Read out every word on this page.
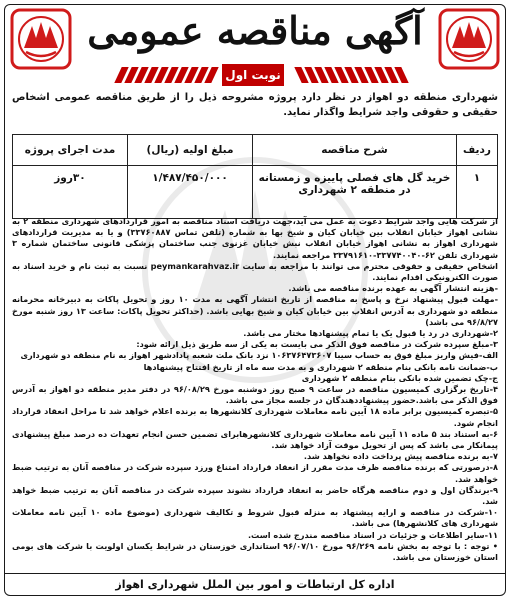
آگهی مناقصه عمومی
نوبت اول
شهرداری منطقه دو اهواز در نظر دارد پروژه مشروحه ذیل را از طریق مناقصه عمومی اشخاص حقیقی و حقوقی واجد شرایط واگذار نماید.
ردیف	شرح مناقصه	مبلغ اولیه (ریال)	مدت اجرای پروژه
۱	خرید گل های فصلی پاییزه و زمستانه در منطقه ۲ شهرداری	۱/۴۸۷/۴۵۰/۰۰۰	۳۰روز

از شرکت هایی واجد شرایط دعوت به عمل می آید،جهت دریافت اسناد مناقصه به امور قراردادهای شهرداری منطقه ۲ به نشانی اهواز خیابان انقلاب بین خیابان کیان و شیخ بها به شماره (تلفن تماس ۳۳۷۶۰۸۸۷) و یا به مدیریت قراردادهای شهرداری اهواز به نشانی اهواز خیابان انقلاب نبش خیابان غزنوی جنب ساختمان پزشکی قانونی ساختمان شماره ۳ شهرداری تلفن ۶۲-۳۳۷۷۴۰۰۴۰-۳۳۷۹۱۶۱۰ مراجعه نمایند.

اشخاص حقیقی و حقوقی محترم می توانند با مراجعه به سایت peymankarahvaz.ir نسبت به ثبت نام و خرید اسناد به صورت الکترونیکی اقدام نمایند.

-هزینه انتشار آگهی به عهده برنده مناقصه می باشد.

-مهلت قبول پیشنهاد نرخ و پاسخ به مناقصه از تاریخ انتشار آگهی به مدت ۱۰ روز و تحویل پاکات به دبیرخانه محرمانه منطقه دو شهرداری به آدرس انقلاب بین خیابان کیان و شیخ بهایی باشد. (حداکثر تحویل پاکات: ساعت ۱۳ روز شنبه مورخ ۹۶/۸/۲۷ می باشد)

۲-شهرداری در رد یا قبول یک یا تمام پیشنهادها مختار می باشد.

۳-مبلغ سپرده شرکت در مناقصه فوق الذکر می بایست به یکی از سه طریق ذیل ارائه شود:

الف-فیش واریز مبلغ فوق به حساب سیبا ۱۰۶۳۷۶۴۷۳۶۰۷ نزد بانک ملت شعبه پادادشهر اهواز به نام منطقه دو شهرداری

ب-ضمانت نامه بانکی بنام منطقه ۲ شهرداری و به مدت سه ماه از تاریخ افتتاح پیشنهادها

ج-چک تضمین شده بانکی بنام منطقه ۲ شهرداری

۴-تاریخ برگزاری کمیسیون مناقصه در ساعت ۹ صبح روز دوشنبه مورخ ۹۶/۰۸/۲۹ در دفتر مدیر منطقه دو اهواز به آدرس فوق الذکر می باشد.حضور پیشنهاددهندگان در جلسه مجاز می باشد.

۵-تبصره کمیسیون برابر ماده ۱۸ آیین نامه معاملات شهرداری کلانشهرها به برنده اعلام خواهد شد تا مراحل انعقاد قرارداد انجام شود.

۶-به استناد بند ۵ ماده ۱۱ آیین نامه معاملات شهرداری کلانشهرهابرای تضمین حسن انجام تعهدات ده درصد مبلغ پیشنهادی پیمانکار می باشد که پس از تحویل موقت آزاد خواهد شد.

۷-به برنده مناقصه پیش پرداخت داده نخواهد شد.

۸-درصورتی که برنده مناقصه ظرف مدت مقرر از انعقاد قرارداد امتناع ورزد سپرده شرکت در مناقصه آنان به ترتیب ضبط خواهد شد.

۹-برندگان اول و دوم مناقصه هرگاه حاضر به انعقاد قرارداد نشوند سپرده شرکت در مناقصه آنان به ترتیب ضبط خواهد شد.

۱۰-شرکت در مناقصه و ارایه پیشنهاد به منزله قبول شروط و تکالیف شهرداری (موضوع ماده ۱۰ آیین نامه معاملات شهرداری های کلانشهرها) می باشد.

۱۱-سایر اطلاعات و جزئیات در اسناد مناقصه مندرج شده است.

• توجه : با توجه به بخش نامه ۹۶/۲۶۹ مورخ ۹۶/۰۷/۱۰ استانداری خوزستان در شرایط یکسان اولویت با شرکت های بومی استان خوزستان می باشد.

اداره کل ارتباطات و امور بین الملل شهرداری اهواز
